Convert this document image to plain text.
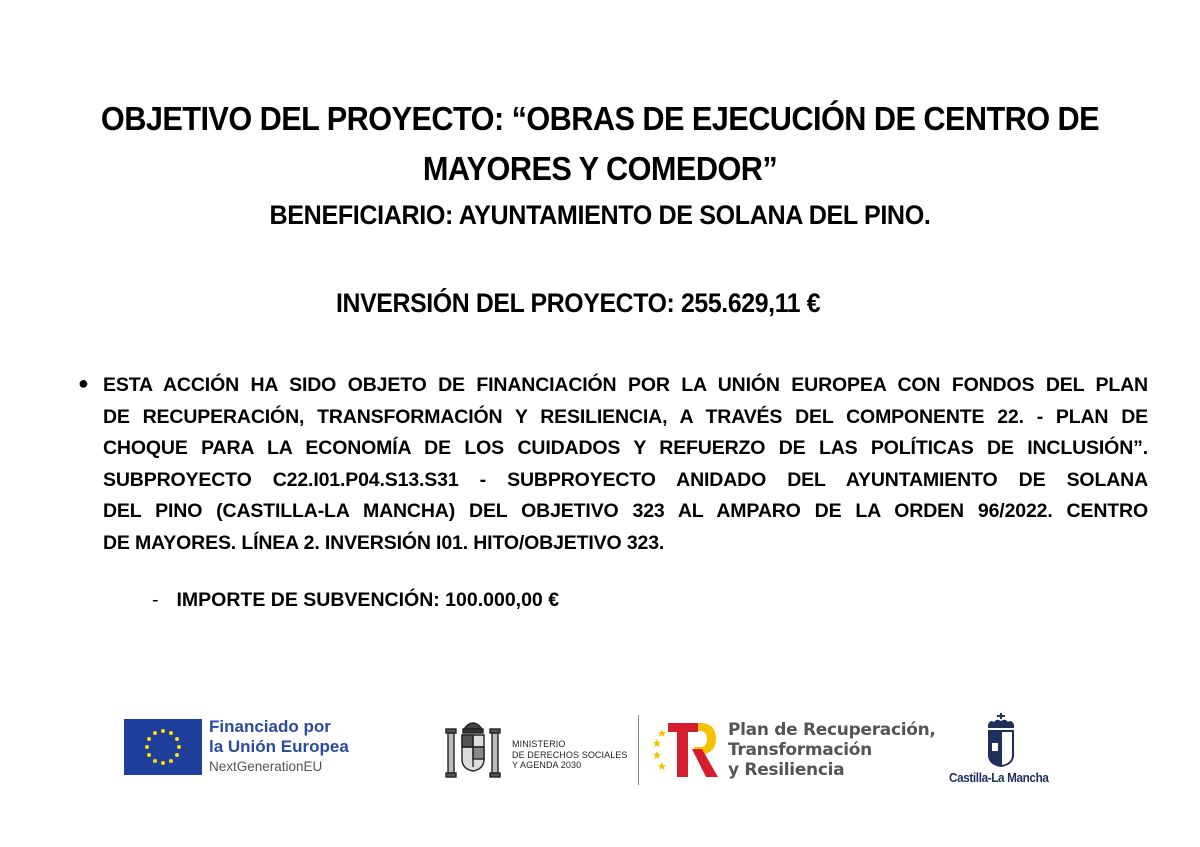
OBJETIVO DEL PROYECTO: “OBRAS DE EJECUCIÓN DE CENTRO DE
MAYORES Y COMEDOR”
BENEFICIARIO: AYUNTAMIENTO DE SOLANA DEL PINO.
INVERSIÓN DEL PROYECTO: 255.629,11 €
● ESTA ACCIÓN HA SIDO OBJETO DE FINANCIACIÓN POR LA UNIÓN EUROPEA CON FONDOS DEL PLAN
DE RECUPERACIÓN, TRANSFORMACIÓN Y RESILIENCIA, A TRAVÉS DEL COMPONENTE 22. - PLAN DE
CHOQUE PARA LA ECONOMÍA DE LOS CUIDADOS Y REFUERZO DE LAS POLÍTICAS DE INCLUSIÓN”.
SUBPROYECTO C22.I01.P04.S13.S31 - SUBPROYECTO ANIDADO DEL AYUNTAMIENTO DE SOLANA
DEL PINO (CASTILLA-LA MANCHA) DEL OBJETIVO 323 AL AMPARO DE LA ORDEN 96/2022. CENTRO
DE MAYORES. LÍNEA 2. INVERSIÓN I01. HITO/OBJETIVO 323.
- IMPORTE DE SUBVENCIÓN: 100.000,00 €
Financiado por
la Unión Europea
NextGenerationEU
MINISTERIO
DE DERECHOS SOCIALES
Y AGENDA 2030
Plan de Recuperación,
Transformación
y Resiliencia	Castilla-La Mancha
